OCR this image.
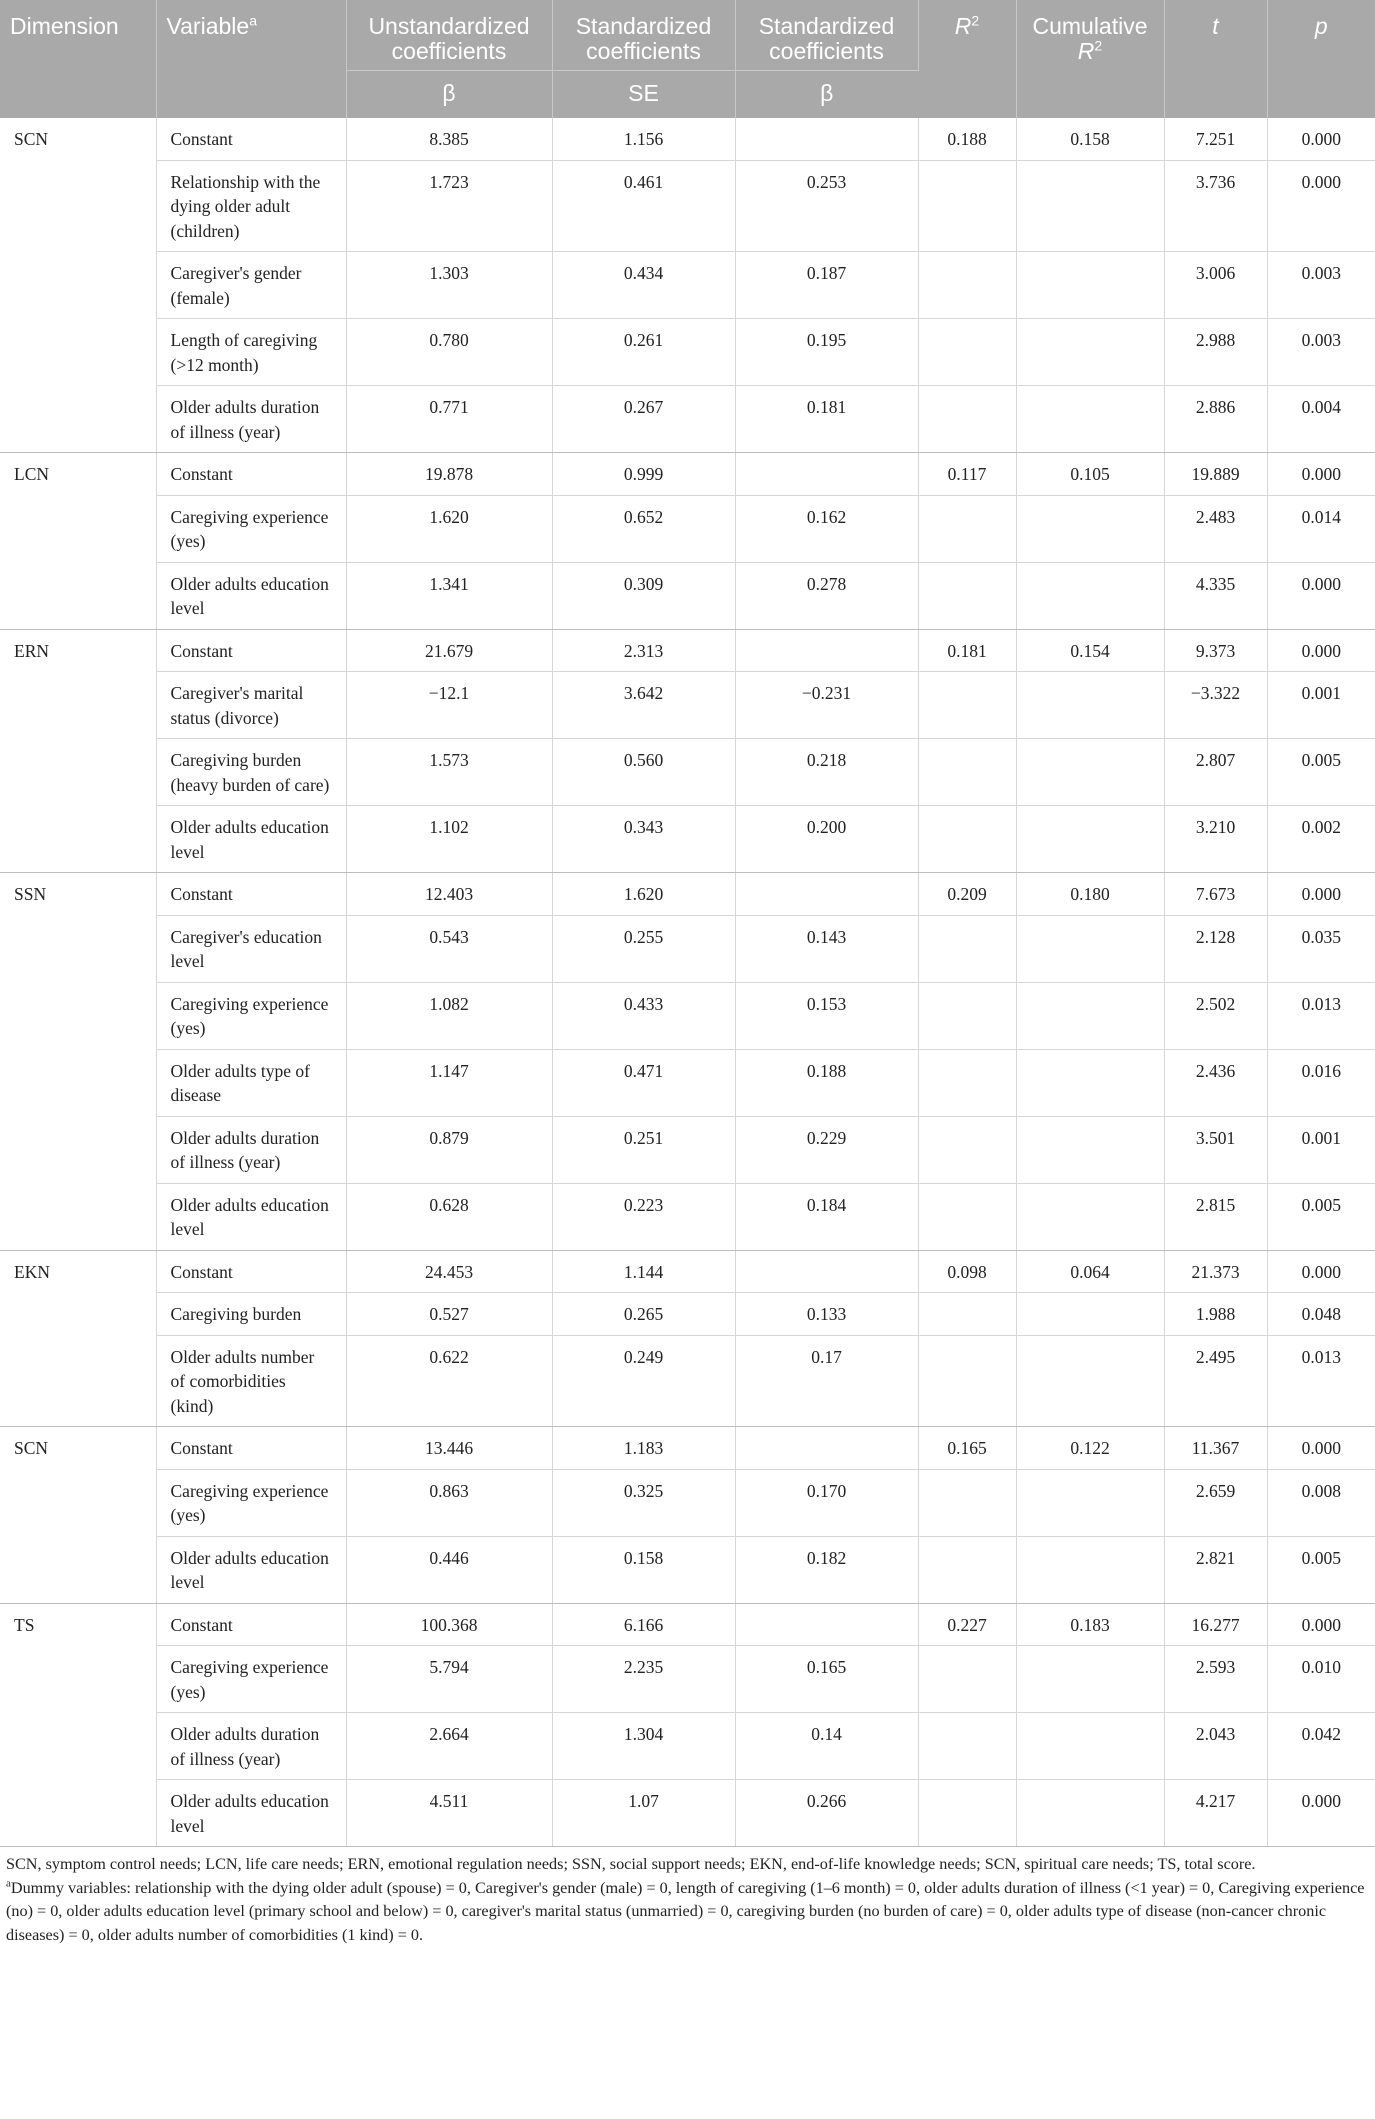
Dimension	Variable$^a$	Unstandardized coefficients	Standardized coefficients	Standardized coefficients	$R^2$	Cumulative
$R^2$	t	p
		β	SE	β				
SCN	Constant	8.385	1.156		0.188	0.158	7.251	0.000
	Relationship with the dying older adult (children)	1.723	0.461	0.253			3.736	0.000
	Caregiver's gender (female)	1.303	0.434	0.187			3.006	0.003
	Length of caregiving (>12 month)	0.780	0.261	0.195			2.988	0.003
	Older adults duration of illness (year)	0.771	0.267	0.181			2.886	0.004
LCN	Constant	19.878	0.999		0.117	0.105	19.889	0.000
	Caregiving experience (yes)	1.620	0.652	0.162			2.483	0.014
	Older adults education level	1.341	0.309	0.278			4.335	0.000
ERN	Constant	21.679	2.313		0.181	0.154	9.373	0.000
	Caregiver's marital status (divorce)	−12.1	3.642	−0.231			−3.322	0.001
	Caregiving burden (heavy burden of care)	1.573	0.560	0.218			2.807	0.005
	Older adults education level	1.102	0.343	0.200			3.210	0.002
SSN	Constant	12.403	1.620		0.209	0.180	7.673	0.000
	Caregiver's education level	0.543	0.255	0.143			2.128	0.035
	Caregiving experience (yes)	1.082	0.433	0.153			2.502	0.013
	Older adults type of disease	1.147	0.471	0.188			2.436	0.016
	Older adults duration of illness (year)	0.879	0.251	0.229			3.501	0.001
	Older adults education level	0.628	0.223	0.184			2.815	0.005
EKN	Constant	24.453	1.144		0.098	0.064	21.373	0.000
	Caregiving burden	0.527	0.265	0.133			1.988	0.048
	Older adults number of comorbidities (kind)	0.622	0.249	0.17			2.495	0.013
SCN	Constant	13.446	1.183		0.165	0.122	11.367	0.000
	Caregiving experience (yes)	0.863	0.325	0.170			2.659	0.008
	Older adults education level	0.446	0.158	0.182			2.821	0.005
TS	Constant	100.368	6.166		0.227	0.183	16.277	0.000
	Caregiving experience (yes)	5.794	2.235	0.165			2.593	0.010
	Older adults duration of illness (year)	2.664	1.304	0.14			2.043	0.042
	Older adults education level	4.511	1.07	0.266			4.217	0.000

SCN, symptom control needs; LCN, life care needs; ERN, emotional regulation needs; SSN, social support needs; EKN, end-of-life knowledge needs; SCN, spiritual care needs; TS, total score.

$^a$Dummy variables: relationship with the dying older adult (spouse) = 0, Caregiver's gender (male) = 0, length of caregiving (1–6 month) = 0, older adults duration of illness (<1 year) = 0, Caregiving experience (no) = 0, older adults education level (primary school and below) = 0, caregiver's marital status (unmarried) = 0, caregiving burden (no burden of care) = 0, older adults type of disease (non-cancer chronic diseases) = 0, older adults number of comorbidities (1 kind) = 0.
